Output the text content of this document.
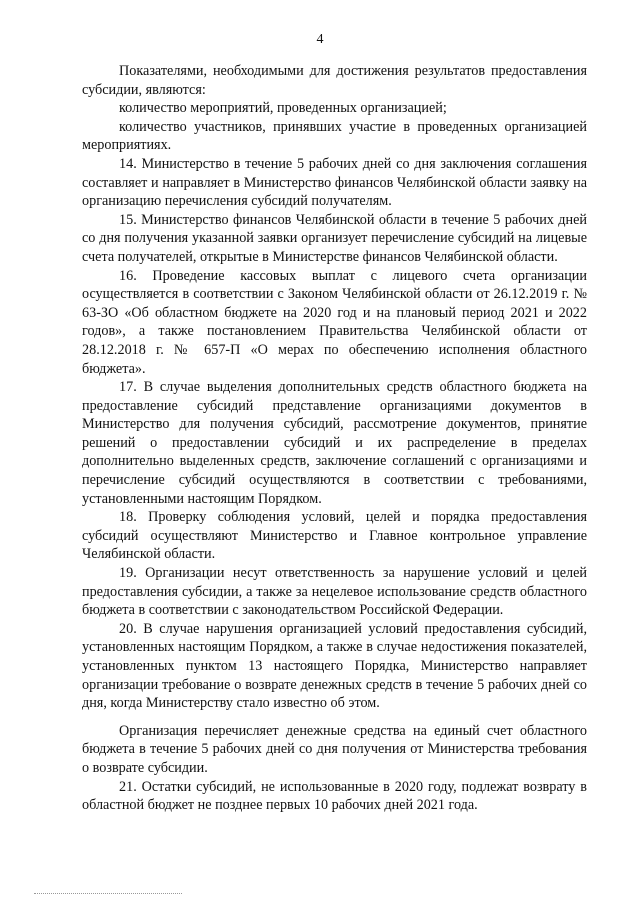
4

Показателями, необходимыми для достижения результатов предоставления субсидии, являются:

количество мероприятий, проведенных организацией;

количество участников, принявших участие в проведенных организацией мероприятиях.

14. Министерство в течение 5 рабочих дней со дня заключения соглашения составляет и направляет в Министерство финансов Челябинской области заявку на организацию перечисления субсидий получателям.

15. Министерство финансов Челябинской области в течение 5 рабочих дней со дня получения указанной заявки организует перечисление субсидий на лицевые счета получателей, открытые в Министерстве финансов Челябинской области.

16. Проведение кассовых выплат с лицевого счета организации осуществляется в соответствии с Законом Челябинской области от 26.12.2019 г. № 63-ЗО «Об областном бюджете на 2020 год и на плановый период 2021 и 2022 годов», а также постановлением Правительства Челябинской области от 28.12.2018 г. № 657-П «О мерах по обеспечению исполнения областного бюджета».

17. В случае выделения дополнительных средств областного бюджета на предоставление субсидий представление организациями документов в Министерство для получения субсидий, рассмотрение документов, принятие решений о предоставлении субсидий и их распределение в пределах дополнительно выделенных средств, заключение соглашений с организациями и перечисление субсидий осуществляются в соответствии с требованиями, установленными настоящим Порядком.

18. Проверку соблюдения условий, целей и порядка предоставления субсидий осуществляют Министерство и Главное контрольное управление Челябинской области.

19. Организации несут ответственность за нарушение условий и целей предоставления субсидии, а также за нецелевое использование средств областного бюджета в соответствии с законодательством Российской Федерации.

20. В случае нарушения организацией условий предоставления субсидий, установленных настоящим Порядком, а также в случае недостижения показателей, установленных пунктом 13 настоящего Порядка, Министерство направляет организации требование о возврате денежных средств в течение 5 рабочих дней со дня, когда Министерству стало известно об этом.

Организация перечисляет денежные средства на единый счет областного бюджета в течение 5 рабочих дней со дня получения от Министерства требования о возврате субсидии.

21. Остатки субсидий, не использованные в 2020 году, подлежат возврату в областной бюджет не позднее первых 10 рабочих дней 2021 года.
